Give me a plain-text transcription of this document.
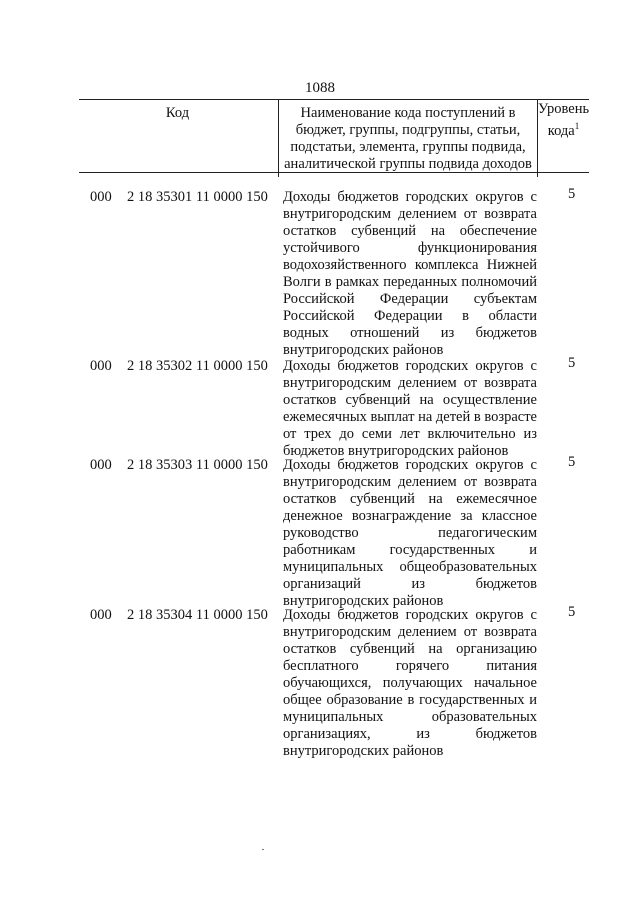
1088
Код	Наименование кода поступлений в
бюджет, группы, подгруппы, статьи,
подстатьи, элемента, группы подвида,
аналитической группы подвида доходов
Уровень
кода$^1$
000 2 18 35301 11 0000 150 Доходы бюджетов городских округов с внутригородским делением от возврата остатков субвенций на обеспечение устойчивого функционирования водохозяйственного комплекса Нижней Волги в рамках переданных полномочий Российской Федерации субъектам Российской Федерации в области водных отношений из бюджетов внутригородских районов
5
000 2 18 35302 11 0000 150 Доходы бюджетов городских округов с внутригородским делением от возврата остатков субвенций на осуществление ежемесячных выплат на детей в возрасте от трех до семи лет включительно из бюджетов внутригородских районов
5
000 2 18 35303 11 0000 150 Доходы бюджетов городских округов с внутригородским делением от возврата остатков субвенций на ежемесячное денежное вознаграждение за классное руководство педагогическим работникам государственных и муниципальных общеобразовательных организаций из бюджетов внутригородских районов
5
000 2 18 35304 11 0000 150 Доходы бюджетов городских округов с внутригородским делением от возврата остатков субвенций на организацию бесплатного горячего питания обучающихся, получающих начальное общее образование в государственных и муниципальных образовательных организациях, из бюджетов внутригородских районов
5
